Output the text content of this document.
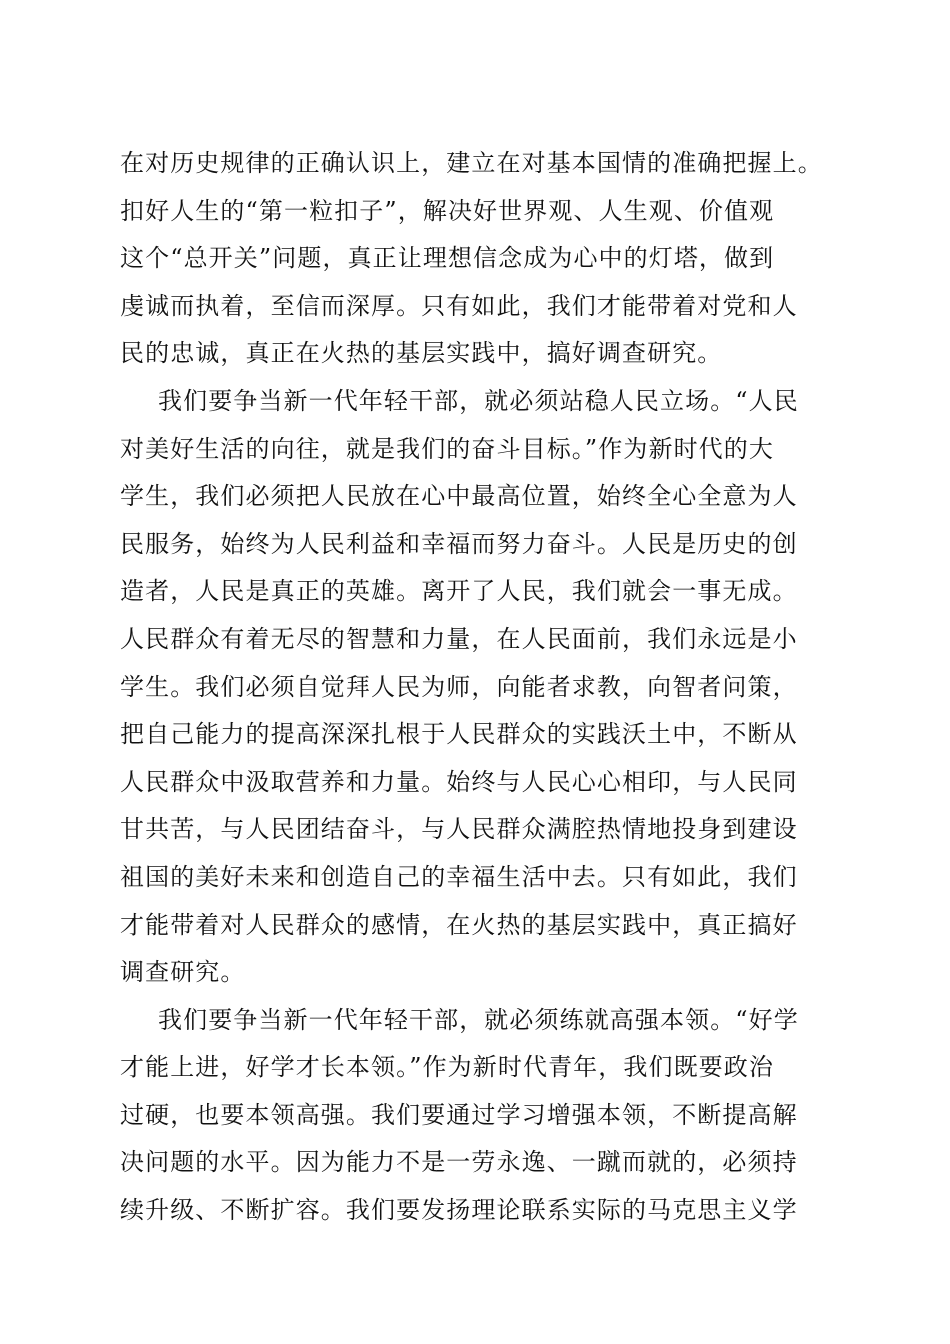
在对历史规律的正确认识上，建立在对基本国情的准确把握上。
扣好人生的“第一粒扣子”，解决好世界观、人生观、价值观
这个“总开关”问题，真正让理想信念成为心中的灯塔，做到
虔诚而执着，至信而深厚。只有如此，我们才能带着对党和人
民的忠诚，真正在火热的基层实践中，搞好调查研究。
我们要争当新一代年轻干部，就必须站稳人民立场。“人民
对美好生活的向往，就是我们的奋斗目标。”作为新时代的大
学生，我们必须把人民放在心中最高位置，始终全心全意为人
民服务，始终为人民利益和幸福而努力奋斗。人民是历史的创
造者，人民是真正的英雄。离开了人民，我们就会一事无成。
人民群众有着无尽的智慧和力量，在人民面前，我们永远是小
学生。我们必须自觉拜人民为师，向能者求教，向智者问策，
把自己能力的提高深深扎根于人民群众的实践沃土中，不断从
人民群众中汲取营养和力量。始终与人民心心相印，与人民同
甘共苦，与人民团结奋斗，与人民群众满腔热情地投身到建设
祖国的美好未来和创造自己的幸福生活中去。只有如此，我们
才能带着对人民群众的感情，在火热的基层实践中，真正搞好
调查研究。
我们要争当新一代年轻干部，就必须练就高强本领。“好学
才能上进，好学才长本领。”作为新时代青年，我们既要政治
过硬，也要本领高强。我们要通过学习增强本领，不断提高解
决问题的水平。因为能力不是一劳永逸、一蹴而就的，必须持
续升级、不断扩容。我们要发扬理论联系实际的马克思主义学
